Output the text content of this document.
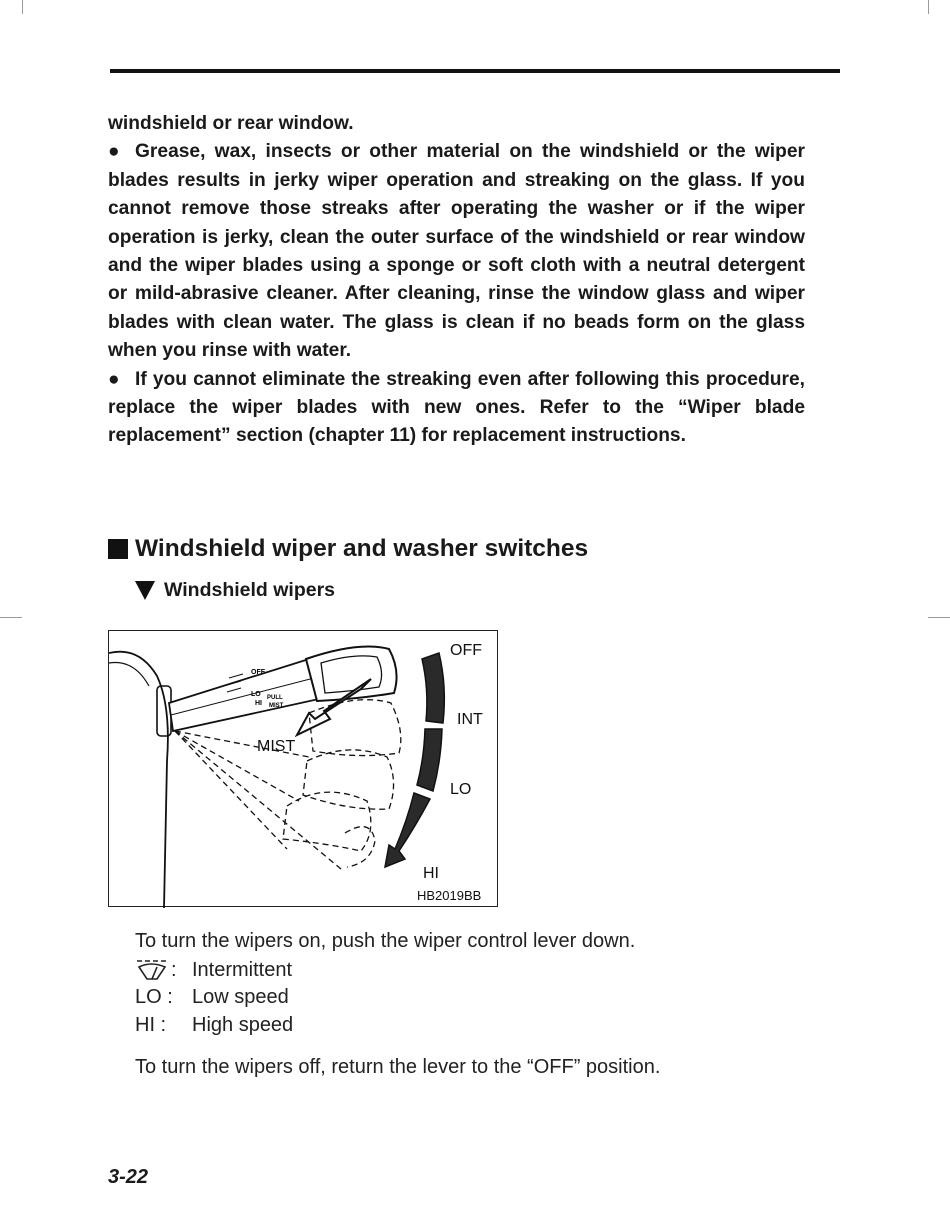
windshield or rear window.

● Grease, wax, insects or other material on the windshield or the wiper blades results in jerky wiper operation and streaking on the glass. If you cannot remove those streaks after operating the washer or if the wiper operation is jerky, clean the outer surface of the windshield or rear window and the wiper blades using a sponge or soft cloth with a neutral detergent or mild-abrasive cleaner. After cleaning, rinse the window glass and wiper blades with clean water. The glass is clean if no beads form on the glass when you rinse with water.

● If you cannot eliminate the streaking even after following this procedure, replace the wiper blades with new ones. Refer to the “Wiper blade replacement” section (chapter 11) for replacement instructions.

Windshield wiper and washer switches
Windshield wipers
OFF
LO
HI
PULL
MIST
MIST
OFF
INT
LO
HI
HB2019BB
To turn the wipers on, push the wiper control lever down.
: Intermittent
LO : Low speed
HI : High speed
To turn the wipers off, return the lever to the “OFF” position.
3-22
